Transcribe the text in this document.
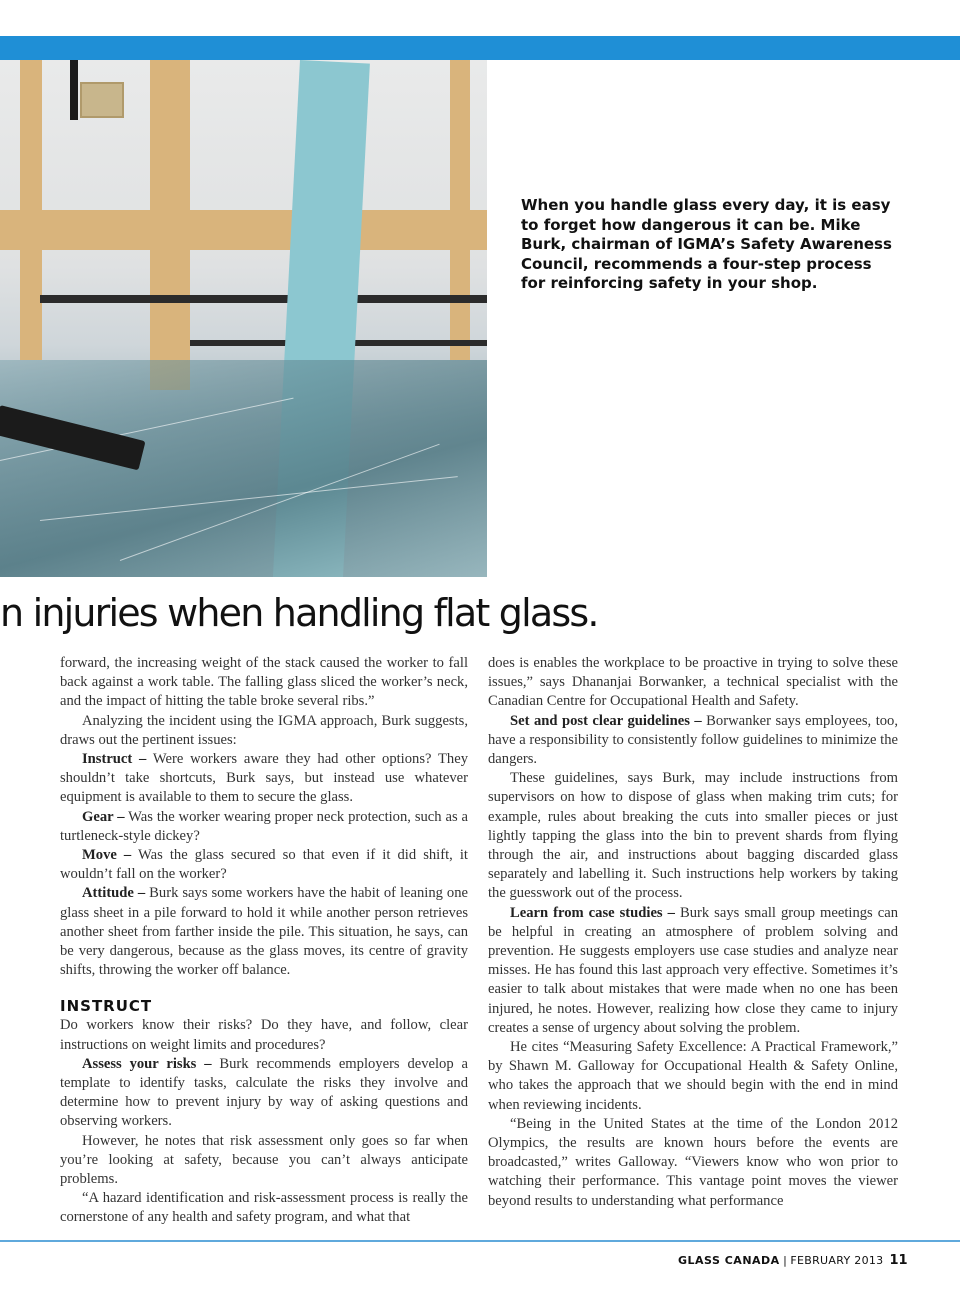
When you handle glass every day, it is easy to forget how dangerous it can be. Mike Burk, chairman of IGMA’s Safety Awareness Council, recommends a four-step process for reinforcing safety in your shop.
n injuries when handling flat glass.

forward, the increasing weight of the stack caused the worker to fall back against a work table. The falling glass sliced the worker’s neck, and the impact of hitting the table broke several ribs.”

Analyzing the incident using the IGMA approach, Burk suggests, draws out the pertinent issues:

Instruct – Were workers aware they had other options? They shouldn’t take shortcuts, Burk says, but instead use whatever equipment is available to them to secure the glass.

Gear – Was the worker wearing proper neck protection, such as a turtleneck-style dickey?

Move – Was the glass secured so that even if it did shift, it wouldn’t fall on the worker?

Attitude – Burk says some workers have the habit of leaning one glass sheet in a pile forward to hold it while another person retrieves another sheet from farther inside the pile. This situation, he says, can be very dangerous, because as the glass moves, its centre of gravity shifts, throwing the worker off balance.

INSTRUCT

Do workers know their risks? Do they have, and follow, clear instructions on weight limits and procedures?

Assess your risks – Burk recommends employers develop a template to identify tasks, calculate the risks they involve and determine how to prevent injury by way of asking questions and observing workers.

However, he notes that risk assessment only goes so far when you’re looking at safety, because you can’t always anticipate problems.

“A hazard identification and risk-assessment process is really the cornerstone of any health and safety program, and what that

does is enables the workplace to be proactive in trying to solve these issues,” says Dhananjai Borwanker, a technical specialist with the Canadian Centre for Occupational Health and Safety.

Set and post clear guidelines – Borwanker says employees, too, have a responsibility to consistently follow guidelines to minimize the dangers.

These guidelines, says Burk, may include instructions from supervisors on how to dispose of glass when making trim cuts; for example, rules about breaking the cuts into smaller pieces or just lightly tapping the glass into the bin to prevent shards from flying through the air, and instructions about bagging discarded glass separately and labelling it. Such instructions help workers by taking the guesswork out of the process.

Learn from case studies – Burk says small group meetings can be helpful in creating an atmosphere of problem solving and prevention. He suggests employers use case studies and analyze near misses. He has found this last approach very effective. Sometimes it’s easier to talk about mistakes that were made when no one has been injured, he notes. However, realizing how close they came to injury creates a sense of urgency about solving the problem.

He cites “Measuring Safety Excellence: A Practical Framework,” by Shawn M. Galloway for Occupational Health & Safety Online, who takes the approach that we should begin with the end in mind when reviewing incidents.

“Being in the United States at the time of the London 2012 Olympics, the results are known hours before the events are broadcasted,” writes Galloway. “Viewers know who won prior to watching their performance. This vantage point moves the viewer beyond results to understanding what performance

GLASS CANADA | FEBRUARY 2013 11
